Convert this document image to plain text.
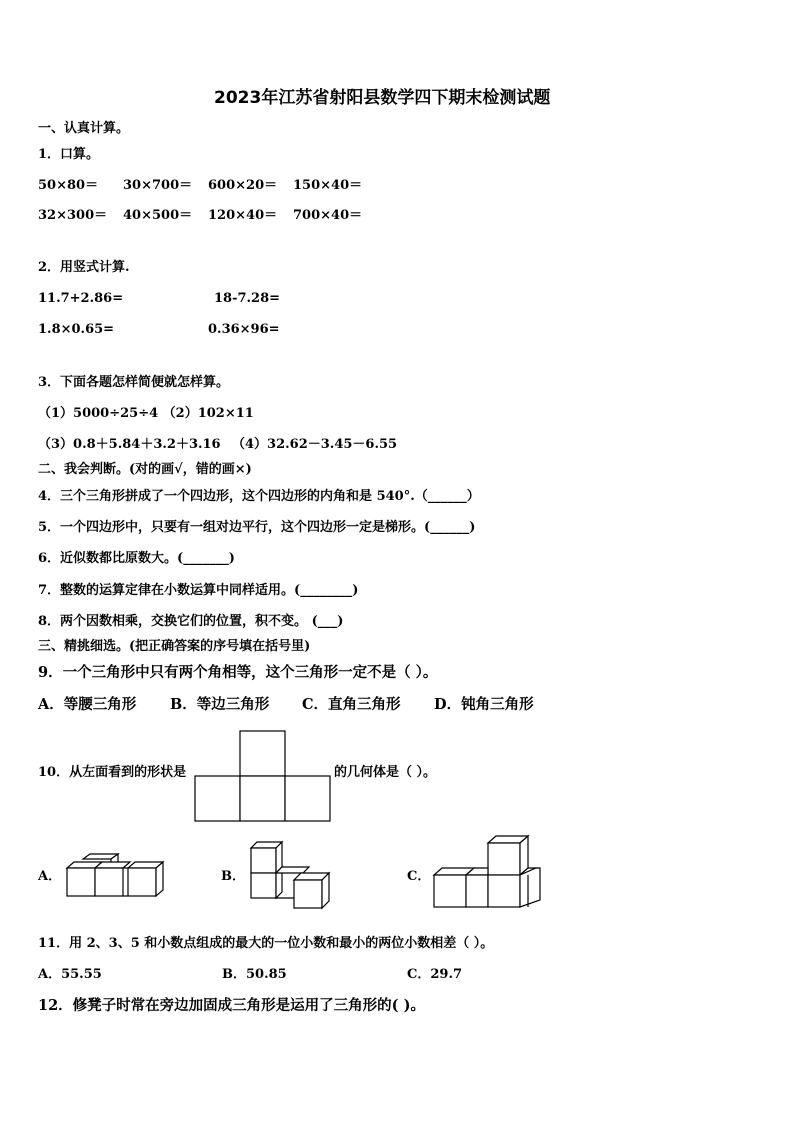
2023年江苏省射阳县数学四下期末检测试题
一、认真计算。
1．口算。
50×80＝ 30×700＝ 600×20＝ 150×40＝
32×300＝ 40×500＝ 120×40＝ 700×40＝
2．用竖式计算.
11.7+2.86=	18-7.28=
1.8×0.65=	0.36×96=
3．下面各题怎样简便就怎样算。
（1）5000÷25÷4 （2）102×11
（3）0.8＋5.84＋3.2＋3.16 （4）32.62－3.45－6.55
二、我会判断。(对的画√，错的画×)
4．三个三角形拼成了一个四边形，这个四边形的内角和是 540°.（______）
5．一个四边形中，只要有一组对边平行，这个四边形一定是梯形。(______)
6．近似数都比原数大。(_______)
7．整数的运算定律在小数运算中同样适用。(________)
8．两个因数相乘，交换它们的位置，积不变。 (___)
三、精挑细选。(把正确答案的序号填在括号里)
9．一个三角形中只有两个角相等，这个三角形一定不是（ ）。
A．等腰三角形 B．等边三角形 C．直角三角形 D．钝角三角形
10．从左面看到的形状是	的几何体是（ ）。
A．	B．	C．
11．用 2、3、5 和小数点组成的最大的一位小数和最小的两位小数相差（ ）。
A．55.55	B．50.85	C．29.7
12．修凳子时常在旁边加固成三角形是运用了三角形的( )。
